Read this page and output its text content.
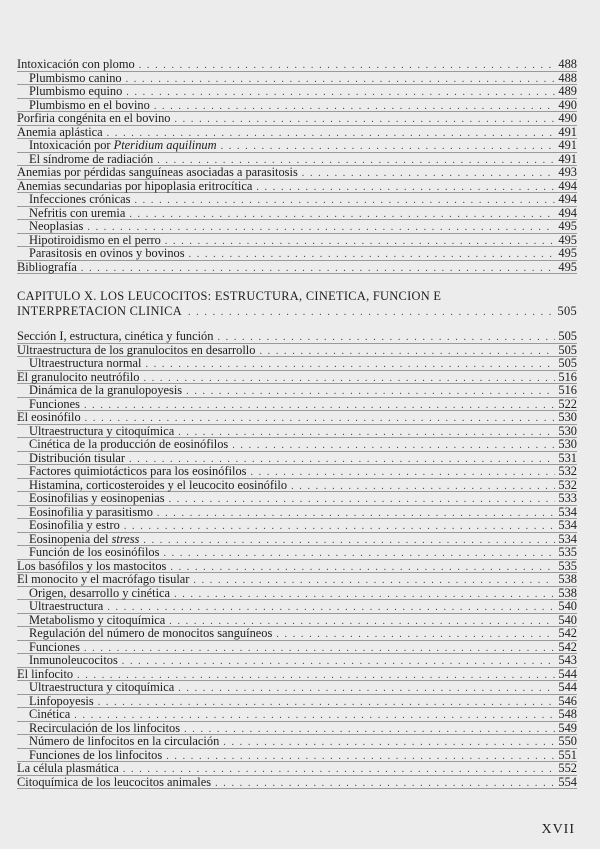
Intoxicación con plomo . . .	488
Plumbismo canino . . .	488
Plumbismo equino . . .	489
Plumbismo en el bovino . . .	490
Porfiria congénita en el bovino . . .	490
Anemia aplástica . . .	491
Intoxicación por Pteridium aquilinum . . .	491
El síndrome de radiación . . .	491
Anemias por pérdidas sanguíneas asociadas a parasitosis . . .	493
Anemias secundarias por hipoplasia eritrocítica . . .	494
Infecciones crónicas . . .	494
Nefritis con uremia . . .	494
Neoplasias . . .	495
Hipotiroidismo en el perro . . .	495
Parasitosis en ovinos y bovinos . . .	495
Bibliografía . . .	495
CAPITULO X. LOS LEUCOCITOS: ESTRUCTURA, CINETICA, FUNCION E
INTERPRETACION CLINICA . . .	505
Sección I, estructura, cinética y función . . .	505
Ultraestructura de los granulocitos en desarrollo . . .	505
Ultraestructura normal . . .	505
El granulocito neutrófilo . . .	516
Dinámica de la granulopoyesis . . .	516
Funciones . . .	522
El eosinófilo . . .	530
Ultraestructura y citoquímica . . .	530
Cinética de la producción de eosinófilos . . .	530
Distribución tisular . . .	531
Factores quimiotácticos para los eosinófilos . . .	532
Histamina, corticosteroides y el leucocito eosinófilo . . .	532
Eosinofilias y eosinopenias . . .	533
Eosinofilia y parasitismo . . .	534
Eosinofilia y estro . . .	534
Eosinopenia del stress . . .	534
Función de los eosinófilos . . .	535
Los basófilos y los mastocitos . . .	535
El monocito y el macrófago tisular . . .	538
Origen, desarrollo y cinética . . .	538
Ultraestructura . . .	540
Metabolismo y citoquímica . . .	540
Regulación del número de monocitos sanguíneos . . .	542
Funciones . . .	542
Inmunoleucocitos . . .	543
El linfocito . . .	544
Ultraestructura y citoquímica . . .	544
Linfopoyesis . . .	546
Cinética . . .	548
Recirculación de los linfocitos . . .	549
Número de linfocitos en la circulación . . .	550
Funciones de los linfocitos . . .	551
La célula plasmática . . .	552
Citoquímica de los leucocitos animales . . .	554
XVII
